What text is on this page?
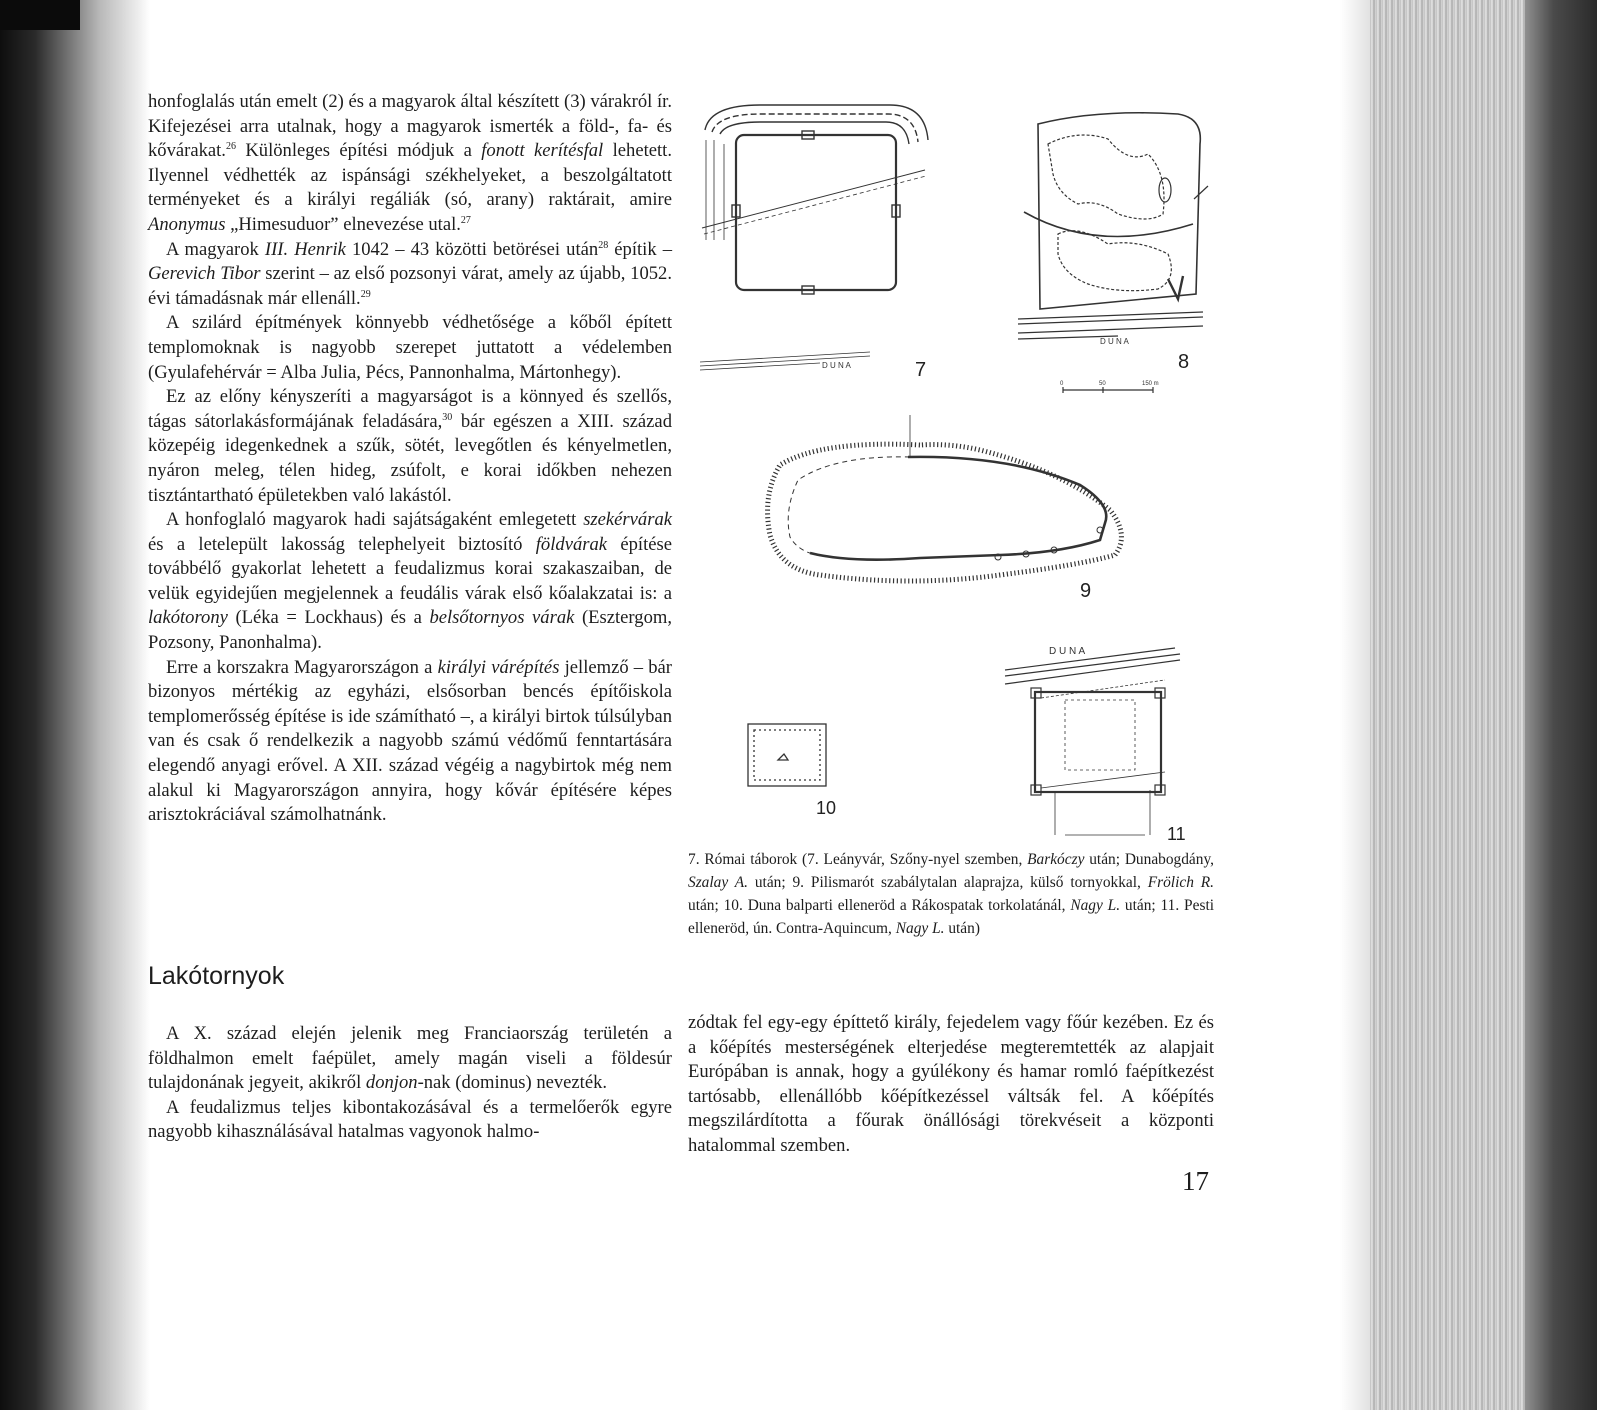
honfoglalás után emelt (2) és a magyarok által készített (3) várakról ír. Kifejezései arra utalnak, hogy a magyarok ismerték a föld-, fa- és kővárakat.$^{26}$ Különleges építési módjuk a fonott kerítésfal lehetett. Ilyennel védhették az ispánsági székhelyeket, a beszolgáltatott terményeket és a királyi regáliák (só, arany) raktárait, amire Anonymus „Himesuduor” elnevezése utal.$^{27}$

A magyarok III. Henrik 1042 – 43 közötti betörései után$^{28}$ építik – Gerevich Tibor szerint – az első pozsonyi várat, amely az újabb, 1052. évi támadásnak már ellenáll.$^{29}$

A szilárd építmények könnyebb védhetősége a kőből épített templomoknak is nagyobb szerepet juttatott a védelemben (Gyulafehérvár = Alba Julia, Pécs, Pannonhalma, Mártonhegy).

Ez az előny kényszeríti a magyarságot is a könnyed és szellős, tágas sátorlakásformájának feladására,$^{30}$ bár egészen a XIII. század közepéig idegenkednek a szűk, sötét, levegőtlen és kényelmetlen, nyáron meleg, télen hideg, zsúfolt, e korai időkben nehezen tisztántartható épületekben való lakástól.

A honfoglaló magyarok hadi sajátságaként emlegetett szekérvárak és a letelepült lakosság telephelyeit biztosító földvárak építése továbbélő gyakorlat lehetett a feudalizmus korai szakaszaiban, de velük egyidejűen megjelennek a feudális várak első kőalakzatai is: a lakótorony (Léka = Lockhaus) és a belsőtornyos várak (Esztergom, Pozsony, Panonhalma).

Erre a korszakra Magyarországon a királyi várépítés jellemző – bár bizonyos mértékig az egyházi, elsősorban bencés építőiskola templomerősség építése is ide számítható –, a királyi birtok túlsúlyban van és csak ő rendelkezik a nagyobb számú védőmű fenntartására elegendő anyagi erővel. A XII. század végéig a nagybirtok még nem alakul ki Magyarországon annyira, hogy kővár építésére képes arisztokráciával számolhatnánk.

Lakótornyok

A X. század elején jelenik meg Franciaország területén a földhalmon emelt faépület, amely magán viseli a földesúr tulajdonának jegyeit, akikről donjon-nak (dominus) nevezték.

A feudalizmus teljes kibontakozásával és a termelőerők egyre nagyobb kihasználásával hatalmas vagyonok halmo-

zódtak fel egy-egy építtető király, fejedelem vagy főúr kezében. Ez és a kőépítés mesterségének elterjedése megteremtették az alapjait Európában is annak, hogy a gyúlékony és hamar romló faépítkezést tartósabb, ellenállóbb kőépítkezéssel váltsák fel. A kőépítés megszilárdította a főurak önállósági törekvéseit a központi hatalommal szemben.

7. Római táborok (7. Leányvár, Szőny-nyel szemben, Barkóczy után; Dunabogdány, Szalay A. után; 9. Pilismarót szabálytalan alaprajza, külső tornyokkal, Frölich R. után; 10. Duna balparti elleneröd a Rákospatak torkolatánál, Nagy L. után; 11. Pesti elleneröd, ún. Contra-Aquincum, Nagy L. után)
17
D U N A	7
D U N A
8
0	50	150 m
9
10
D U N A
11
